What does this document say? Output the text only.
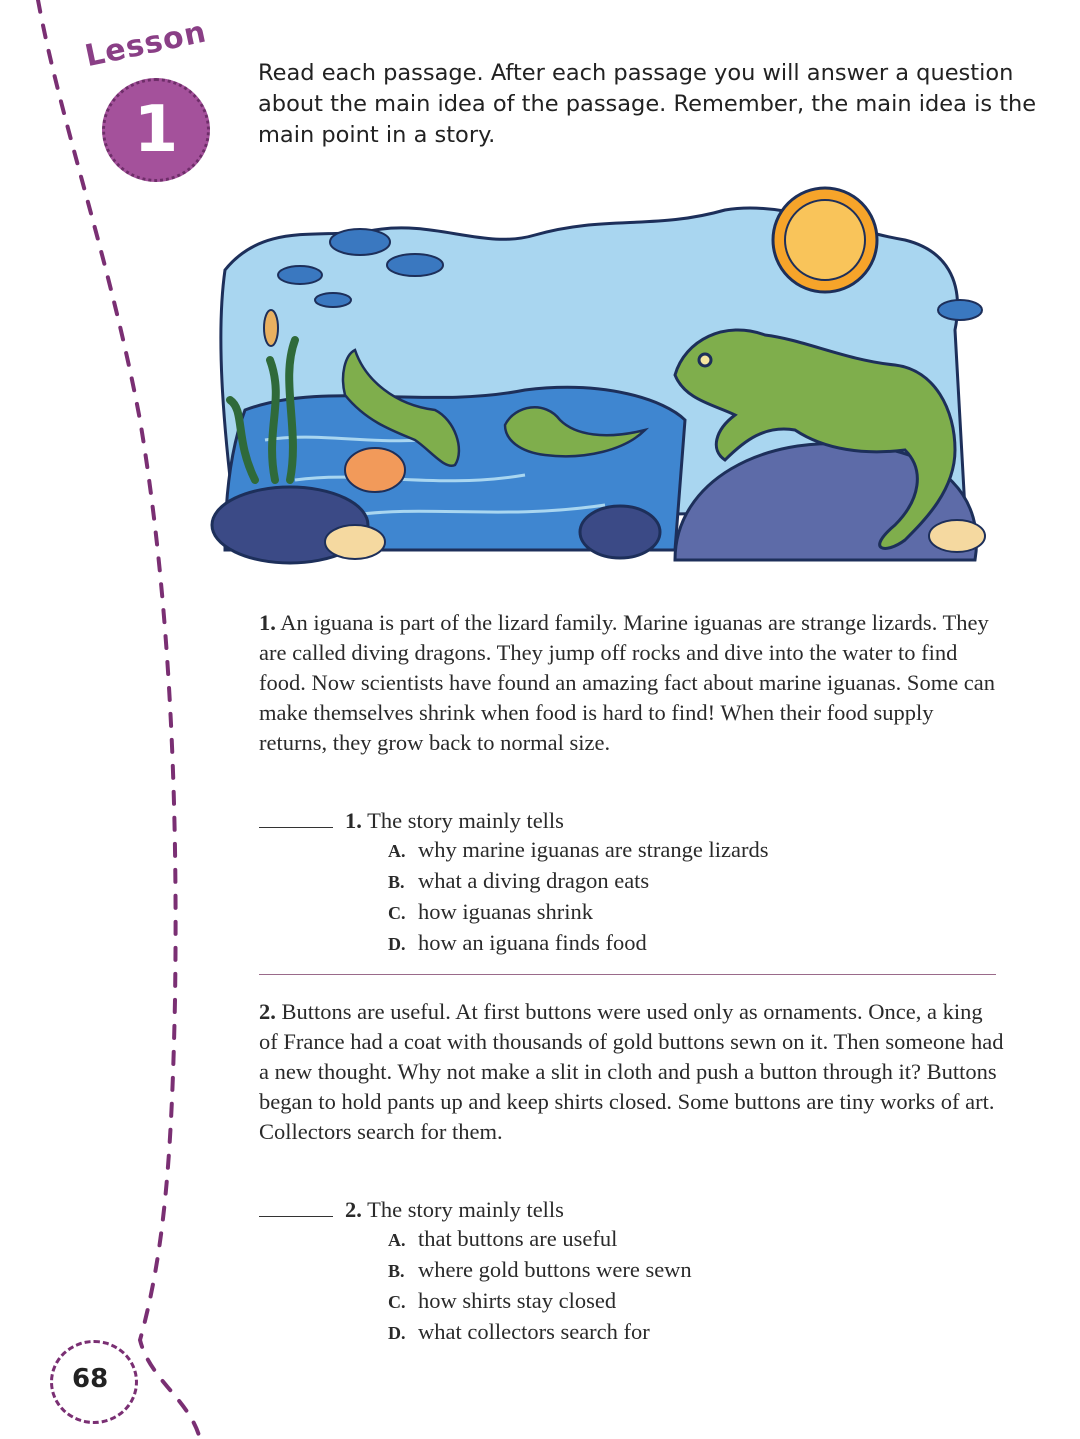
Lesson
1
Read each passage. After each passage you will answer a question about the main idea of the passage. Remember, the main idea is the main point in a story.
1. An iguana is part of the lizard family. Marine iguanas are strange lizards. They are called diving dragons. They jump off rocks and dive into the water to find food. Now scientists have found an amazing fact about marine iguanas. Some can make themselves shrink when food is hard to find! When their food supply returns, they grow back to normal size.
1. The story mainly tells
A. why marine iguanas are strange lizards
B. what a diving dragon eats
C. how iguanas shrink
D. how an iguana finds food
2. Buttons are useful. At first buttons were used only as ornaments. Once, a king of France had a coat with thousands of gold buttons sewn on it. Then someone had a new thought. Why not make a slit in cloth and push a button through it? Buttons began to hold pants up and keep shirts closed. Some buttons are tiny works of art. Collectors search for them.
2. The story mainly tells
A. that buttons are useful
B. where gold buttons were sewn
C. how shirts stay closed
D. what collectors search for
68
